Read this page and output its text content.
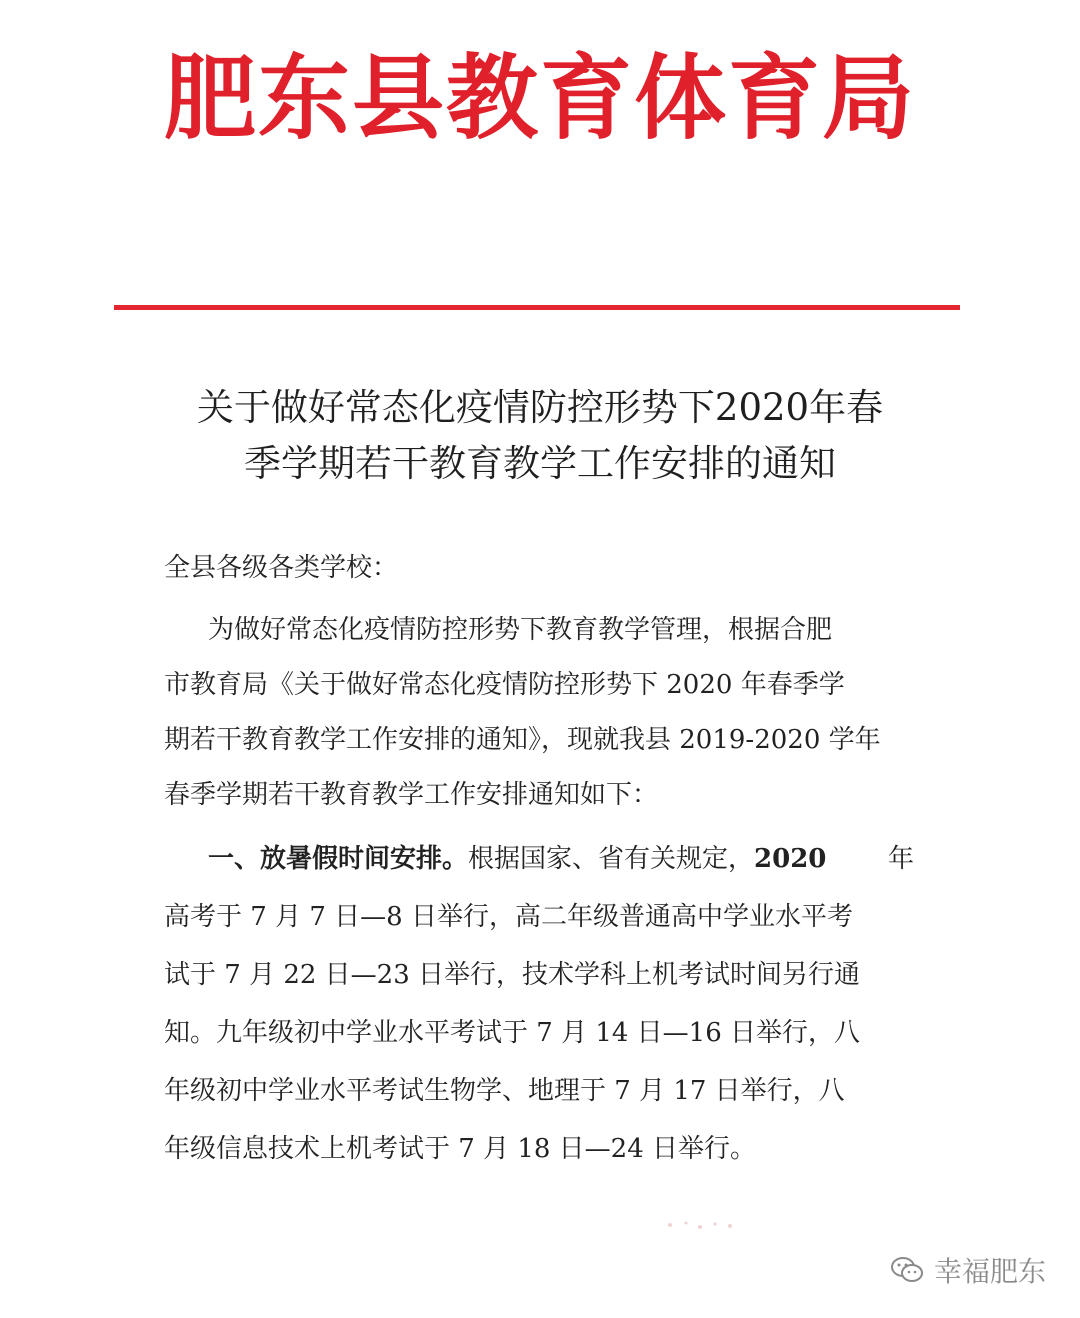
肥东县教育体育局
关于做好常态化疫情防控形势下2020年春
季学期若干教育教学工作安排的通知
全县各级各类学校：
为做好常态化疫情防控形势下教育教学管理，根据合肥
市教育局《关于做好常态化疫情防控形势下 2020 年春季学
期若干教育教学工作安排的通知》，现就我县 2019-2020 学年
春季学期若干教育教学工作安排通知如下：
一、放暑假时间安排。根据国家、省有关规定，2020 年
高考于 7 月 7 日—8 日举行，高二年级普通高中学业水平考
试于 7 月 22 日—23 日举行，技术学科上机考试时间另行通
知。九年级初中学业水平考试于 7 月 14 日—16 日举行，八
年级初中学业水平考试生物学、地理于 7 月 17 日举行，八
年级信息技术上机考试于 7 月 18 日—24 日举行。
幸福肥东
